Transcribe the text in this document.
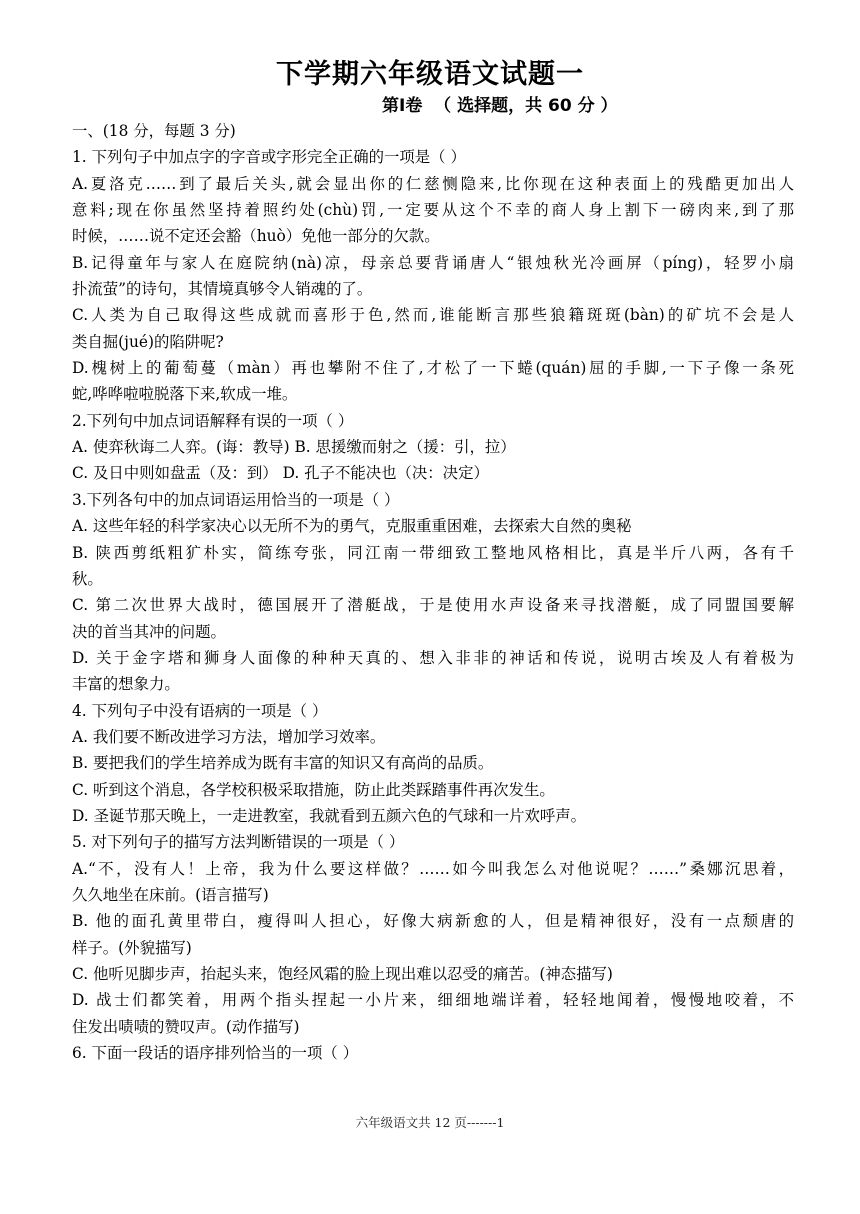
下学期六年级语文试题一
第Ⅰ卷  （ 选择题，共 60 分 ）
一、(18 分，每题 3 分)
1. 下列句子中加点字的字音或字形完全正确的一项是（ ）
A.夏洛克……到了最后关头,就会显出你的仁慈恻隐来,比你现在这种表面上的残酷更加出人
意料;现在你虽然坚持着照约处(chù)罚,一定要从这个不幸的商人身上割下一磅肉来,到了那
时候，……说不定还会豁（huò）免他一部分的欠款。
B.记得童年与家人在庭院纳(nà)凉，母亲总要背诵唐人“银烛秋光冷画屏（píng)，轻罗小扇
扑流萤”的诗句，其情境真够令人销魂的了。
C.人类为自己取得这些成就而喜形于色,然而,谁能断言那些狼籍斑斑(bàn)的矿坑不会是人
类自掘(jué)的陷阱呢?
D.槐树上的葡萄蔓（màn）再也攀附不住了,才松了一下蜷(quán)屈的手脚,一下子像一条死
蛇,哗哗啦啦脱落下来,软成一堆。
2.下列句中加点词语解释有误的一项（ ）
A. 使弈秋诲二人弈。(诲：教导) B. 思援缴而射之（援：引，拉）
C. 及日中则如盘盂（及：到） D. 孔子不能决也（决：决定）
3.下列各句中的加点词语运用恰当的一项是（ ）
A. 这些年轻的科学家决心以无所不为的勇气，克服重重困难，去探索大自然的奥秘
B. 陕西剪纸粗犷朴实，简练夸张，同江南一带细致工整地风格相比，真是半斤八两，各有千
秋。
C. 第二次世界大战时，德国展开了潜艇战，于是使用水声设备来寻找潜艇，成了同盟国要解
决的首当其冲的问题。
D. 关于金字塔和狮身人面像的种种天真的、想入非非的神话和传说，说明古埃及人有着极为
丰富的想象力。
4. 下列句子中没有语病的一项是（ ）
A. 我们要不断改进学习方法，增加学习效率。
B. 要把我们的学生培养成为既有丰富的知识又有高尚的品质。
C. 听到这个消息，各学校积极采取措施，防止此类踩踏事件再次发生。
D. 圣诞节那天晚上，一走进教室，我就看到五颜六色的气球和一片欢呼声。
5. 对下列句子的描写方法判断错误的一项是（ ）
A.“不，没有人！上帝，我为什么要这样做？……如今叫我怎么对他说呢？……”桑娜沉思着，
久久地坐在床前。(语言描写)
B. 他的面孔黄里带白，瘦得叫人担心，好像大病新愈的人，但是精神很好，没有一点颓唐的
样子。(外貌描写)
C. 他听见脚步声，抬起头来，饱经风霜的脸上现出难以忍受的痛苦。(神态描写)
D. 战士们都笑着，用两个指头捏起一小片来，细细地端详着，轻轻地闻着，慢慢地咬着，不
住发出啧啧的赞叹声。(动作描写)
6. 下面一段话的语序排列恰当的一项（ ）
六年级语文共 12 页-------1
